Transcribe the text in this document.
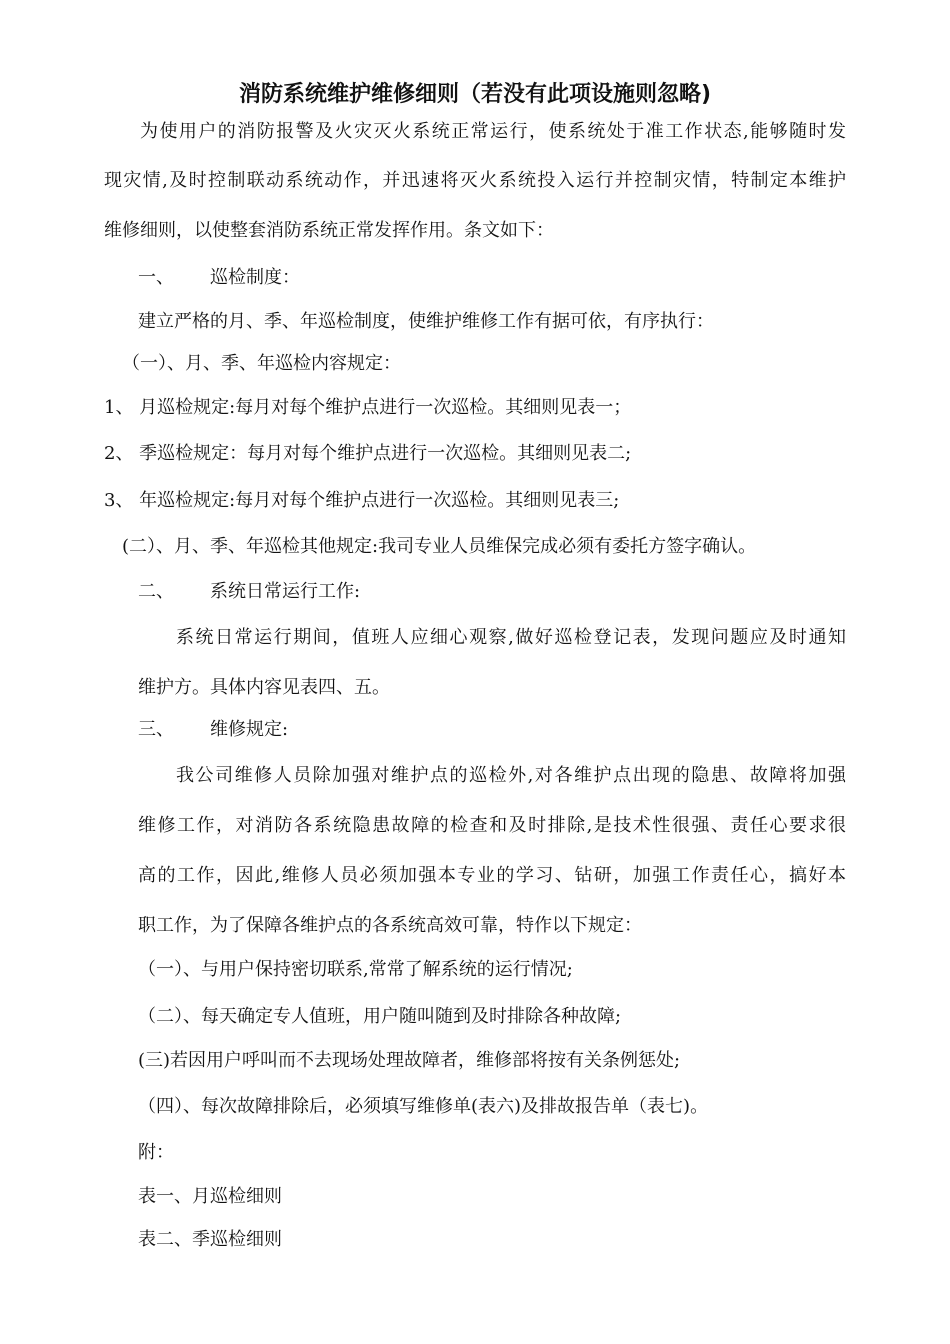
消防系统维护维修细则（若没有此项设施则忽略)
为使用户的消防报警及火灾灭火系统正常运行，使系统处于准工作状态,能够随时发
现灾情,及时控制联动系统动作，并迅速将灭火系统投入运行并控制灾情，特制定本维护
维修细则，以使整套消防系统正常发挥作用。条文如下：
一、 巡检制度：
建立严格的月、季、年巡检制度，使维护维修工作有据可依，有序执行：
（一）、月、季、年巡检内容规定：
1、 月巡检规定:每月对每个维护点进行一次巡检。其细则见表一；
2、 季巡检规定：每月对每个维护点进行一次巡检。其细则见表二;
3、 年巡检规定:每月对每个维护点进行一次巡检。其细则见表三;
(二）、月、季、年巡检其他规定:我司专业人员维保完成必须有委托方签字确认。
二、 系统日常运行工作:
系统日常运行期间，值班人应细心观察,做好巡检登记表，发现问题应及时通知
维护方。具体内容见表四、五。
三、 维修规定:
我公司维修人员除加强对维护点的巡检外,对各维护点出现的隐患、故障将加强
维修工作，对消防各系统隐患故障的检查和及时排除,是技术性很强、责任心要求很
高的工作，因此,维修人员必须加强本专业的学习、钻研，加强工作责任心，搞好本
职工作，为了保障各维护点的各系统高效可靠，特作以下规定：
（一）、与用户保持密切联系,常常了解系统的运行情况;
（二）、每天确定专人值班，用户随叫随到及时排除各种故障;
(三)若因用户呼叫而不去现场处理故障者，维修部将按有关条例惩处;
（四）、每次故障排除后，必须填写维修单(表六)及排故报告单（表七)。
附：
表一、月巡检细则
表二、季巡检细则
